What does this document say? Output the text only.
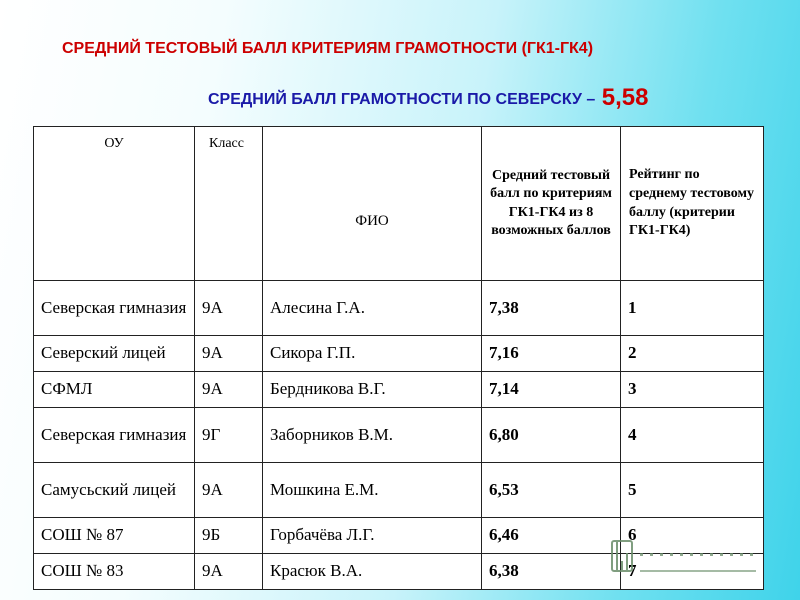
СРЕДНИЙ ТЕСТОВЫЙ БАЛЛ КРИТЕРИЯМ ГРАМОТНОСТИ (ГК1-ГК4)
СРЕДНИЙ БАЛЛ ГРАМОТНОСТИ ПО СЕВЕРСКУ – 5,58
ОУ	Класс	ФИО	Средний тестовый балл по критериям ГК1-ГК4 из 8 возможных баллов	Рейтинг по среднему тестовому баллу (критерии ГК1-ГК4)
Северская гимназия	9А	Алесина Г.А.	7,38	1
Северский лицей	9А	Сикора Г.П.	7,16	2
СФМЛ	9А	Бердникова В.Г.	7,14	3
Северская гимназия	9Г	Заборников В.М.	6,80	4
Самусьский лицей	9А	Мошкина Е.М.	6,53	5
СОШ № 87	9Б	Горбачёва Л.Г.	6,46	6
СОШ № 83	9А	Красюк В.А.	6,38	7
